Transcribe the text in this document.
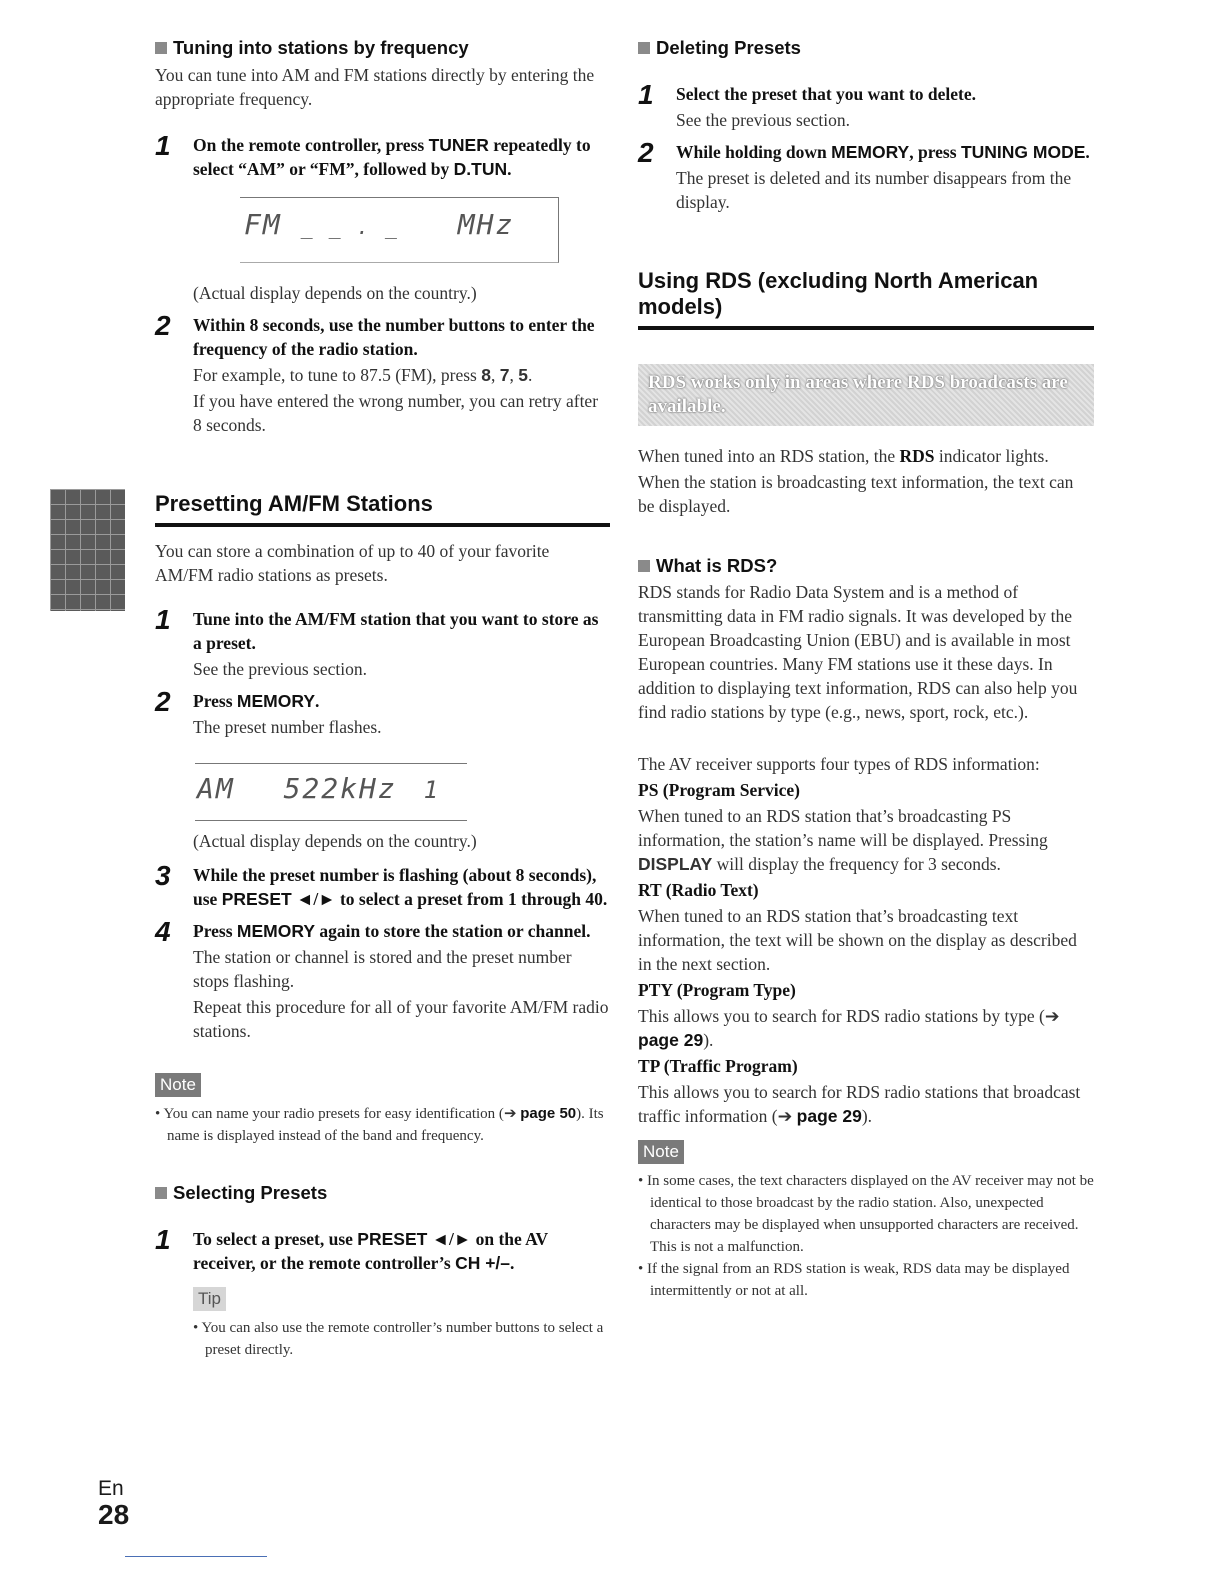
Tuning into stations by frequency

You can tune into AM and FM stations directly by entering the appropriate frequency.

1 On the remote controller, press TUNER repeatedly to select “AM” or “FM”, followed by D.TUN.

FM _ _ . _ MHz

(Actual display depends on the country.)

2 Within 8 seconds, use the number buttons to enter the frequency of the radio station.

For example, to tune to 87.5 (FM), press 8, 7, 5.

If you have entered the wrong number, you can retry after 8 seconds.

Presetting AM/FM Stations

You can store a combination of up to 40 of your favorite AM/FM radio stations as presets.

1 Tune into the AM/FM station that you want to store as a preset.

See the previous section.

2 Press MEMORY.

The preset number flashes.

AM 522kHz 1

(Actual display depends on the country.)

3 While the preset number is flashing (about 8 seconds), use PRESET ◄/► to select a preset from 1 through 40.

4 Press MEMORY again to store the station or channel.

The station or channel is stored and the preset number stops flashing.

Repeat this procedure for all of your favorite AM/FM radio stations.

Note

• You can name your radio presets for easy identification (➔ page 50). Its name is displayed instead of the band and frequency.

Selecting Presets
1 To select a preset, use PRESET ◄/► on the AV receiver, or the remote controller’s CH +/–.

Tip

• You can also use the remote controller’s number buttons to select a preset directly.

Deleting Presets
1 Select the preset that you want to delete.

See the previous section.

2 While holding down MEMORY, press TUNING MODE.

The preset is deleted and its number disappears from the display.

Using RDS (excluding North American models)
RDS works only in areas where RDS broadcasts are available.

When tuned into an RDS station, the RDS indicator lights.

When the station is broadcasting text information, the text can be displayed.

What is RDS?

RDS stands for Radio Data System and is a method of transmitting data in FM radio signals. It was developed by the European Broadcasting Union (EBU) and is available in most European countries. Many FM stations use it these days. In addition to displaying text information, RDS can also help you find radio stations by type (e.g., news, sport, rock, etc.).

The AV receiver supports four types of RDS information:

PS (Program Service)

When tuned to an RDS station that’s broadcasting PS information, the station’s name will be displayed. Pressing DISPLAY will display the frequency for 3 seconds.

RT (Radio Text)

When tuned to an RDS station that’s broadcasting text information, the text will be shown on the display as described in the next section.

PTY (Program Type)

This allows you to search for RDS radio stations by type (➔ page 29).

TP (Traffic Program)

This allows you to search for RDS radio stations that broadcast traffic information (➔ page 29).

Note

• In some cases, the text characters displayed on the AV receiver may not be identical to those broadcast by the radio station. Also, unexpected characters may be displayed when unsupported characters are received. This is not a malfunction.

• If the signal from an RDS station is weak, RDS data may be displayed intermittently or not at all.

En
28
